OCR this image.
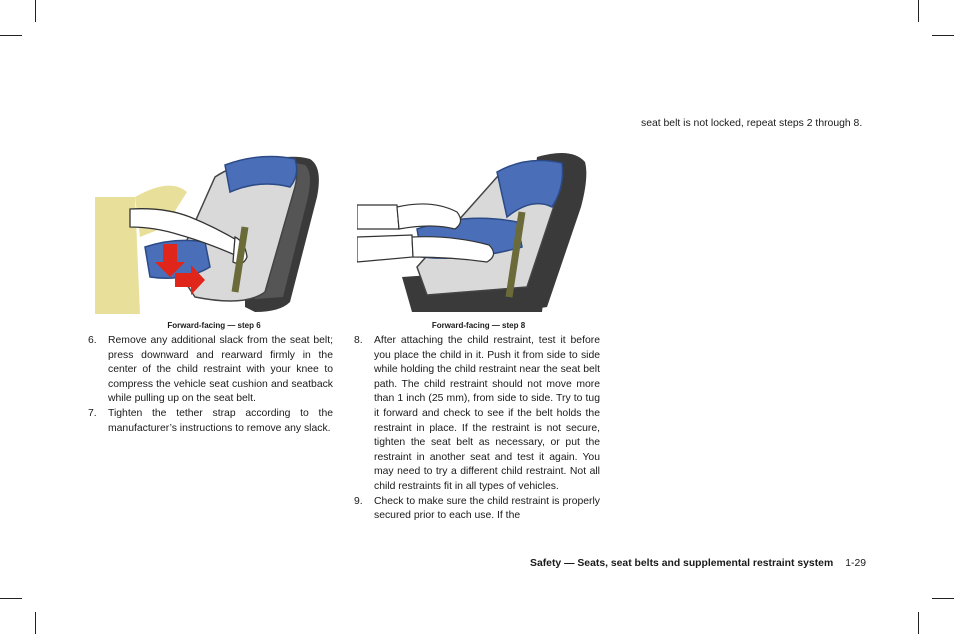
Forward-facing — step 6	Forward-facing — step 8
6. Remove any additional slack from the seat belt; press downward and rearward firmly in the center of the child restraint with your knee to compress the vehicle seat cushion and seatback while pulling up on the seat belt.
7. Tighten the tether strap according to the manufacturer’s instructions to remove any slack.
8. After attaching the child restraint, test it before you place the child in it. Push it from side to side while holding the child restraint near the seat belt path. The child restraint should not move more than 1 inch (25 mm), from side to side. Try to tug it forward and check to see if the belt holds the restraint in place. If the restraint is not secure, tighten the seat belt as necessary, or put the restraint in another seat and test it again. You may need to try a different child restraint. Not all child restraints fit in all types of vehicles.
9. Check to make sure the child restraint is properly secured prior to each use. If the
seat belt is not locked, repeat steps 2 through 8.
Safety — Seats, seat belts and supplemental restraint system 1-29
